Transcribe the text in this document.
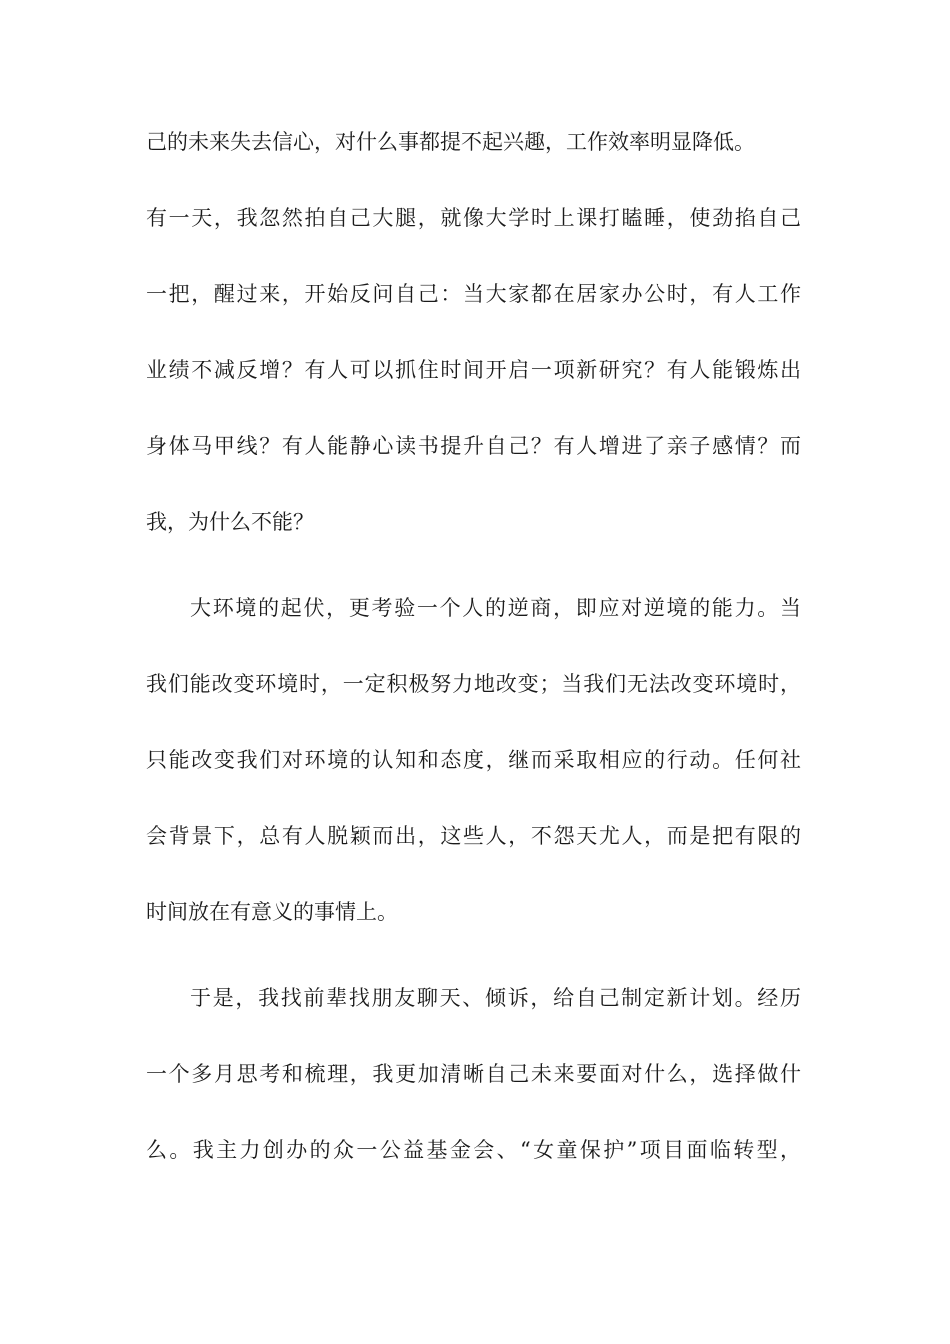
己的未来失去信心，对什么事都提不起兴趣，工作效率明显降低。
有一天，我忽然拍自己大腿，就像大学时上课打瞌睡，使劲掐自己
一把，醒过来，开始反问自己：当大家都在居家办公时，有人工作
业绩不减反增？有人可以抓住时间开启一项新研究？有人能锻炼出
身体马甲线？有人能静心读书提升自己？有人增进了亲子感情？而
我，为什么不能？
大环境的起伏，更考验一个人的逆商，即应对逆境的能力。当
我们能改变环境时，一定积极努力地改变；当我们无法改变环境时，
只能改变我们对环境的认知和态度，继而采取相应的行动。任何社
会背景下，总有人脱颖而出，这些人，不怨天尤人，而是把有限的
时间放在有意义的事情上。
于是，我找前辈找朋友聊天、倾诉，给自己制定新计划。经历
一个多月思考和梳理，我更加清晰自己未来要面对什么，选择做什
么。我主力创办的众一公益基金会、“女童保护”项目面临转型，
